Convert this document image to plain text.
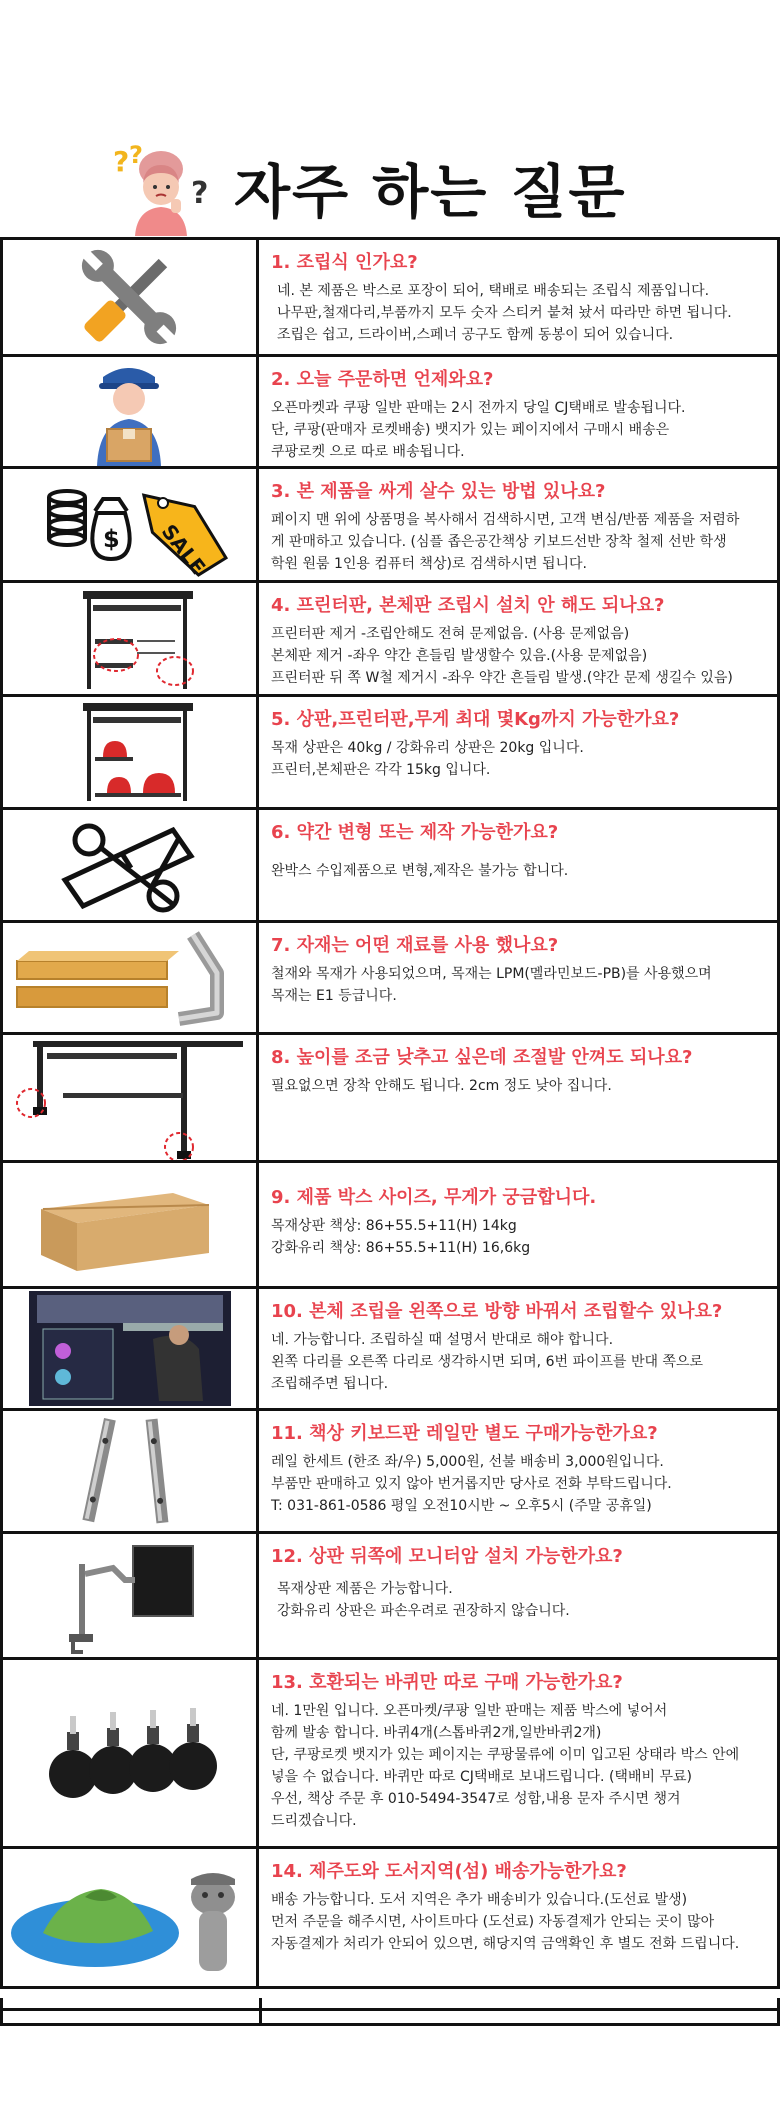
? ?
? 자주 하는 질문
1. 조립식 인가요?
네. 본 제품은 박스로 포장이 되어, 택배로 배송되는 조립식 제품입니다.
나무판,철재다리,부품까지 모두 숫자 스티커 붙쳐 놨서 따라만 하면 됩니다.
조립은 쉽고, 드라이버,스페너 공구도 함께 동봉이 되어 있습니다.
2. 오늘 주문하면 언제와요?
오픈마켓과 쿠팡 일반 판매는 2시 전까지 당일 CJ택배로 발송됩니다.
단, 쿠팡(판매자 로켓배송) 뱃지가 있는 페이지에서 구매시 배송은
쿠팡로켓 으로 따로 배송됩니다.
$ SALE
3. 본 제품을 싸게 살수 있는 방법 있나요?
페이지 맨 위에 상품명을 복사해서 검색하시면, 고객 변심/반품 제품을 저렴하
게 판매하고 있습니다. (심플 좁은공간책상 키보드선반 장착 철제 선반 학생
학원 원룸 1인용 컴퓨터 책상)로 검색하시면 됩니다.
4. 프린터판, 본체판 조립시 설치 안 해도 되나요?
프린터판 제거 -조립안해도 전혀 문제없음. (사용 문제없음)
본체판 제거 -좌우 약간 흔들림 발생할수 있음.(사용 문제없음)
프린터판 뒤 쪽 W철 제거시 -좌우 약간 흔들림 발생.(약간 문제 생길수 있음)
5. 상판,프린터판,무게 최대 몇Kg까지 가능한가요?
목재 상판은 40kg / 강화유리 상판은 20kg 입니다.
프린터,본체판은 각각 15kg 입니다.
6. 약간 변형 또는 제작 가능한가요?
완박스 수입제품으로 변형,제작은 불가능 합니다.
7. 자재는 어떤 재료를 사용 했나요?
철재와 목재가 사용되었으며, 목재는 LPM(멜라민보드-PB)를 사용했으며
목재는 E1 등급니다.
8. 높이를 조금 낮추고 싶은데 조절발 안껴도 되나요?
필요없으면 장착 안해도 됩니다. 2cm 정도 낮아 집니다.
9. 제품 박스 사이즈, 무게가 궁금합니다.
목재상판 책상: 86+55.5+11(H) 14kg
강화유리 책상: 86+55.5+11(H) 16,6kg
10. 본체 조립을 왼쪽으로 방향 바꿔서 조립할수 있나요?
네. 가능합니다. 조립하실 때 설명서 반대로 해야 합니다.
왼쪽 다리를 오른쪽 다리로 생각하시면 되며, 6번 파이프를 반대 쪽으로
조립해주면 됩니다.
11. 책상 키보드판 레일만 별도 구매가능한가요?
레일 한세트 (한조 좌/우) 5,000원, 선불 배송비 3,000원입니다.
부품만 판매하고 있지 않아 번거롭지만 당사로 전화 부탁드립니다.
T: 031-861-0586 평일 오전10시반 ~ 오후5시 (주말 공휴일)
12. 상판 뒤쪽에 모니터암 설치 가능한가요?
목재상판 제품은 가능합니다.
강화유리 상판은 파손우려로 권장하지 않습니다.
13. 호환되는 바퀴만 따로 구매 가능한가요?
네. 1만원 입니다. 오픈마켓/쿠팡 일반 판매는 제품 박스에 넣어서
함께 발송 합니다. 바퀴4개(스톱바퀴2개,일반바퀴2개)
단, 쿠팡로켓 뱃지가 있는 페이지는 쿠팡물류에 이미 입고된 상태라 박스 안에
넣을 수 없습니다. 바퀴만 따로 CJ택배로 보내드립니다. (택배비 무료)
우선, 책상 주문 후 010-5494-3547로 성함,내용 문자 주시면 챙겨
드리겠습니다.
14. 제주도와 도서지역(섬) 배송가능한가요?
배송 가능합니다. 도서 지역은 추가 배송비가 있습니다.(도선료 발생)
먼저 주문을 해주시면, 사이트마다 (도선료) 자동결제가 안되는 곳이 많아
자동결제가 처리가 안되어 있으면, 해당지역 금액확인 후 별도 전화 드립니다.
